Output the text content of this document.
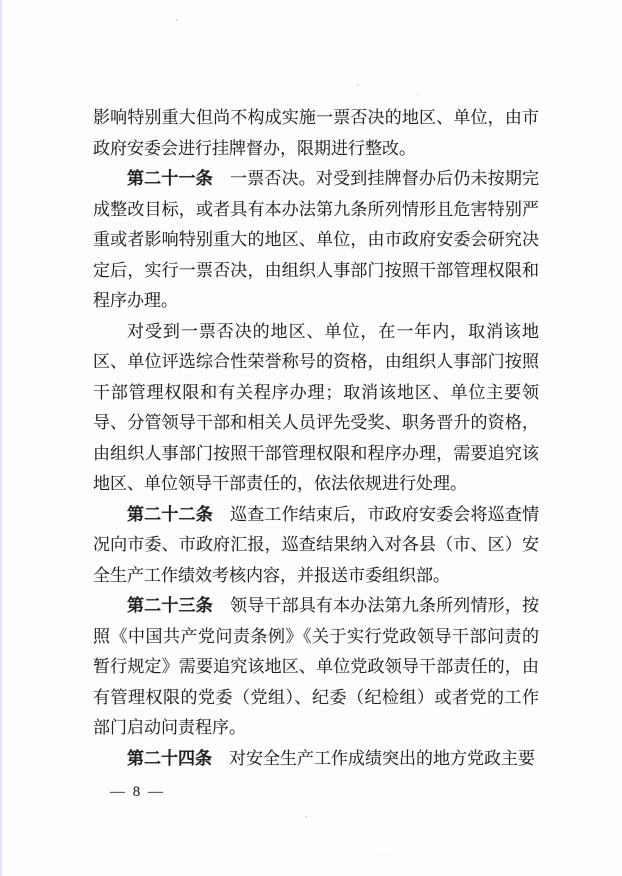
影响特别重大但尚不构成实施一票否决的地区、单位，由市政府安委会进行挂牌督办，限期进行整改。

第二十一条　一票否决。对受到挂牌督办后仍未按期完成整改目标，或者具有本办法第九条所列情形且危害特别严重或者影响特别重大的地区、单位，由市政府安委会研究决定后，实行一票否决，由组织人事部门按照干部管理权限和程序办理。

对受到一票否决的地区、单位，在一年内，取消该地区、单位评选综合性荣誉称号的资格，由组织人事部门按照干部管理权限和有关程序办理；取消该地区、单位主要领导、分管领导干部和相关人员评先受奖、职务晋升的资格，由组织人事部门按照干部管理权限和程序办理，需要追究该地区、单位领导干部责任的，依法依规进行处理。

第二十二条　巡查工作结束后，市政府安委会将巡查情况向市委、市政府汇报，巡查结果纳入对各县（市、区）安全生产工作绩效考核内容，并报送市委组织部。

第二十三条　领导干部具有本办法第九条所列情形，按照《中国共产党问责条例》《关于实行党政领导干部问责的暂行规定》需要追究该地区、单位党政领导干部责任的，由有管理权限的党委（党组）、纪委（纪检组）或者党的工作部门启动问责程序。

第二十四条　对安全生产工作成绩突出的地方党政主要

— 8 —
